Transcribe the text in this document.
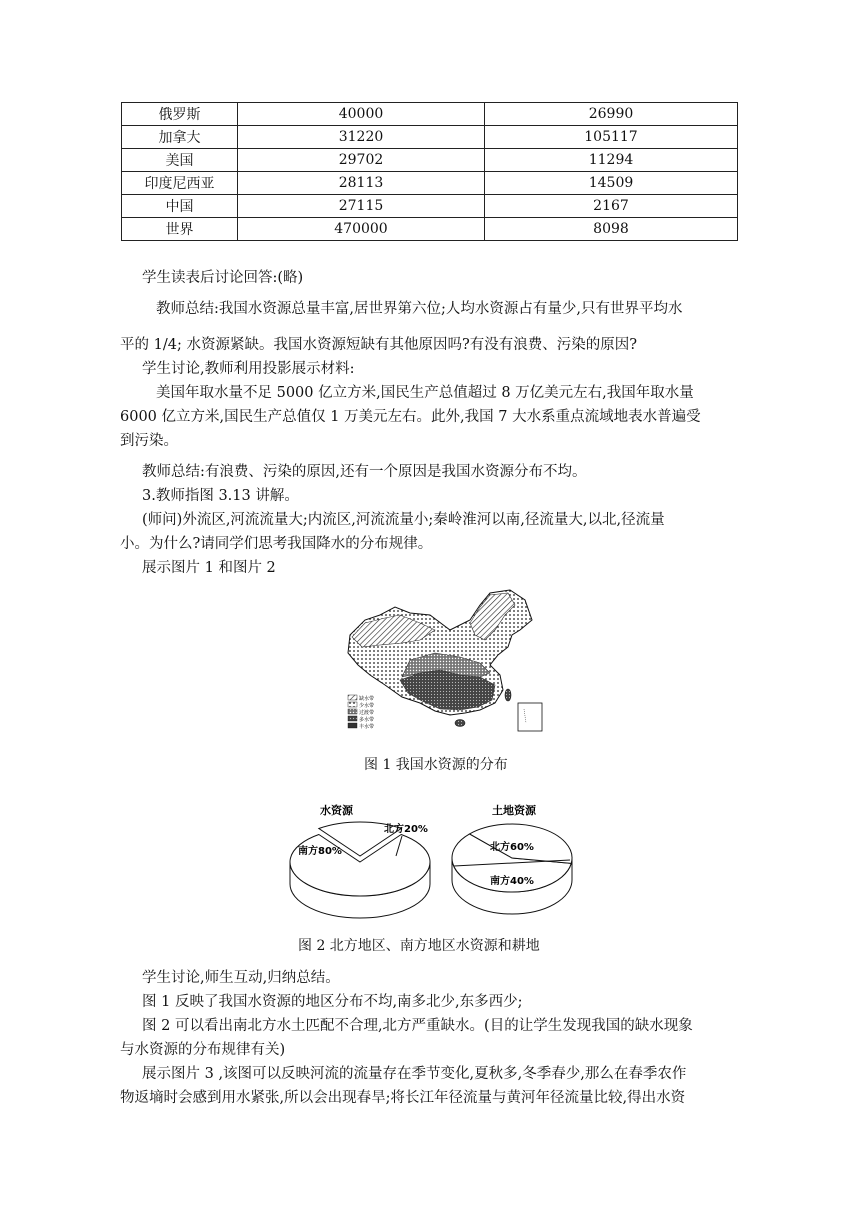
俄罗斯	40000	26990
加拿大	31220	105117
美国	29702	11294
印度尼西亚	28113	14509
中国	27115	2167
世界	470000	8098
学生读表后讨论回答:(略)
教师总结:我国水资源总量丰富,居世界第六位;人均水资源占有量少,只有世界平均水
平的 1/4; 水资源紧缺。我国水资源短缺有其他原因吗?有没有浪费、污染的原因?
学生讨论,教师利用投影展示材料:
美国年取水量不足 5000 亿立方米,国民生产总值超过 8 万亿美元左右,我国年取水量
6000 亿立方米,国民生产总值仅 1 万美元左右。此外,我国 7 大水系重点流域地表水普遍受
到污染。
教师总结:有浪费、污染的原因,还有一个原因是我国水资源分布不均。
3.教师指图 3.13 讲解。
(师问)外流区,河流流量大;内流区,河流流量小;秦岭淮河以南,径流量大,以北,径流量
小。为什么?请同学们思考我国降水的分布规律。
展示图片 1 和图片 2
缺水带
少水带
过渡带
多水带
丰水带
图 1 我国水资源的分布
水资源
南方80%
北方20%
土地资源
北方60%
南方40%
图 2 北方地区、南方地区水资源和耕地
学生讨论,师生互动,归纳总结。
图 1 反映了我国水资源的地区分布不均,南多北少,东多西少;
图 2 可以看出南北方水土匹配不合理,北方严重缺水。(目的让学生发现我国的缺水现象
与水资源的分布规律有关)
展示图片 3 ,该图可以反映河流的流量存在季节变化,夏秋多,冬季春少,那么在春季农作
物返墒时会感到用水紧张,所以会出现春旱;将长江年径流量与黄河年径流量比较,得出水资
